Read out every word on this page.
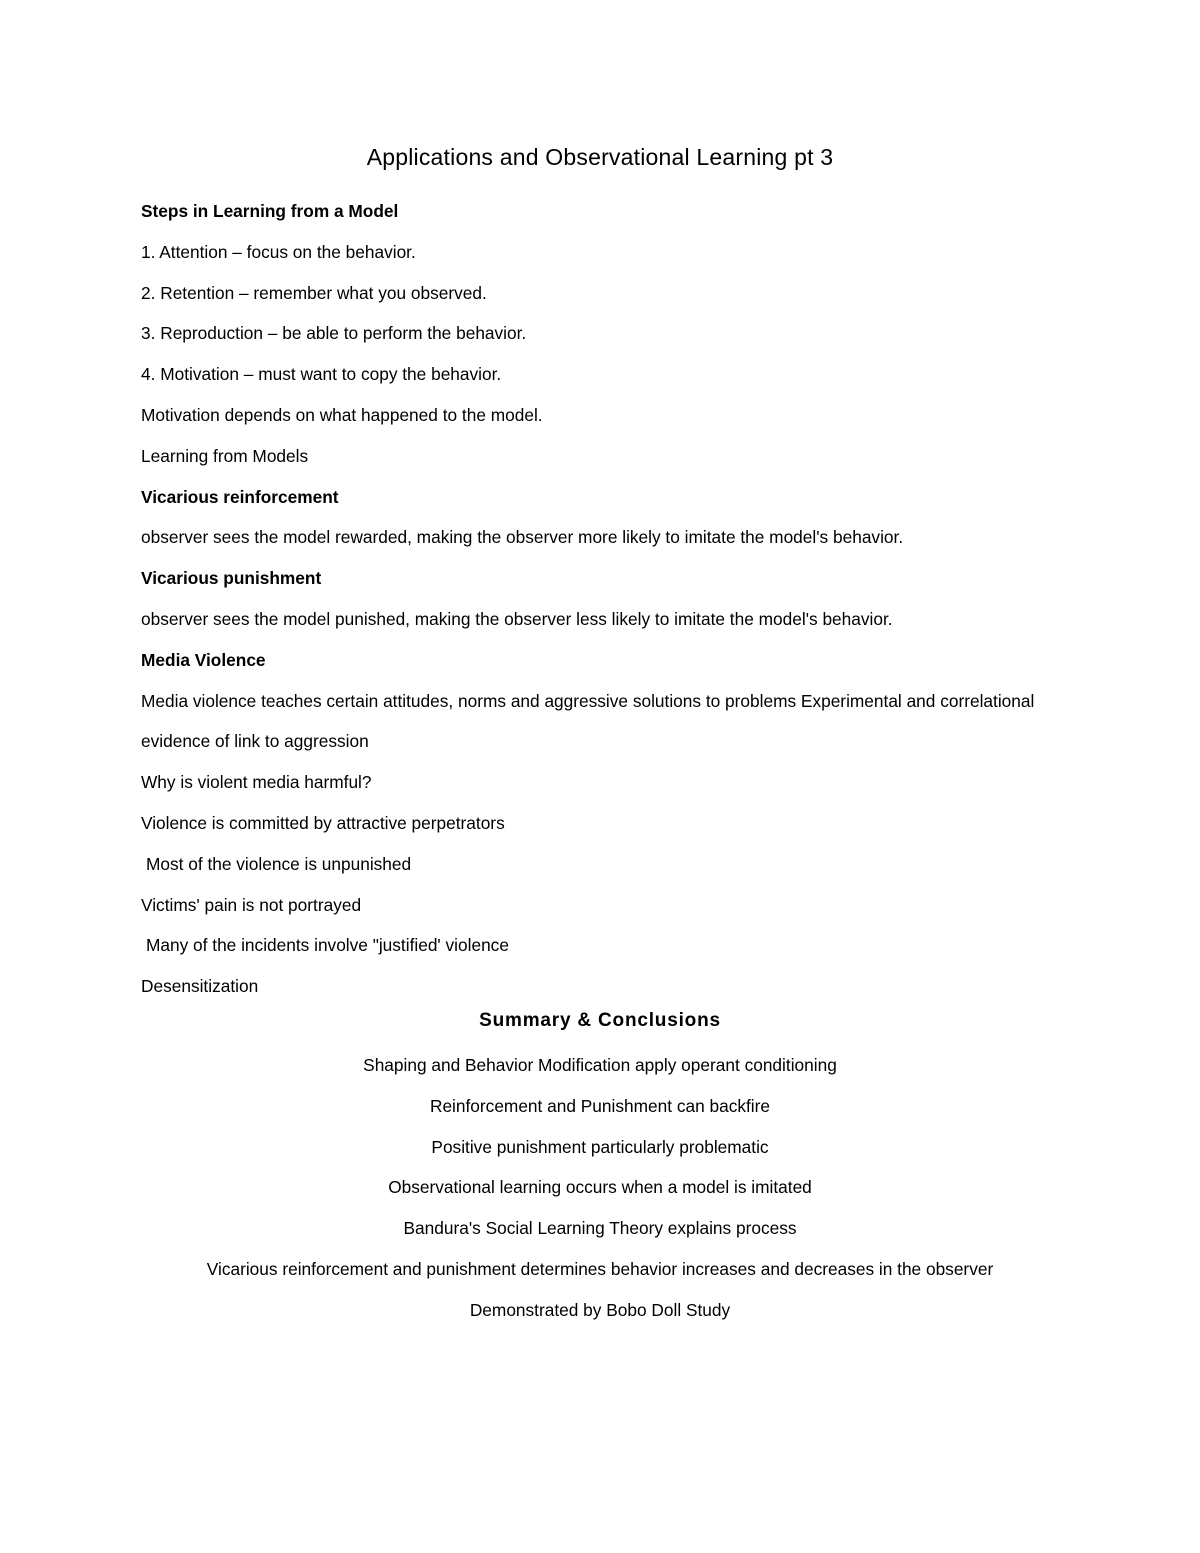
Applications and Observational Learning pt 3

Steps in Learning from a Model

1. Attention – focus on the behavior.

2. Retention – remember what you observed.

3. Reproduction – be able to perform the behavior.

4. Motivation – must want to copy the behavior.

Motivation depends on what happened to the model.

Learning from Models

Vicarious reinforcement

observer sees the model rewarded, making the observer more likely to imitate the model's behavior.

Vicarious punishment

observer sees the model punished, making the observer less likely to imitate the model's behavior.

Media Violence

Media violence teaches certain attitudes, norms and aggressive solutions to problems Experimental and correlational

evidence of link to aggression

Why is violent media harmful?

Violence is committed by attractive perpetrators

Most of the violence is unpunished

Victims' pain is not portrayed

Many of the incidents involve "justified' violence

Desensitization

Summary & Conclusions

Shaping and Behavior Modification apply operant conditioning

Reinforcement and Punishment can backfire

Positive punishment particularly problematic

Observational learning occurs when a model is imitated

Bandura's Social Learning Theory explains process

Vicarious reinforcement and punishment determines behavior increases and decreases in the observer

Demonstrated by Bobo Doll Study
